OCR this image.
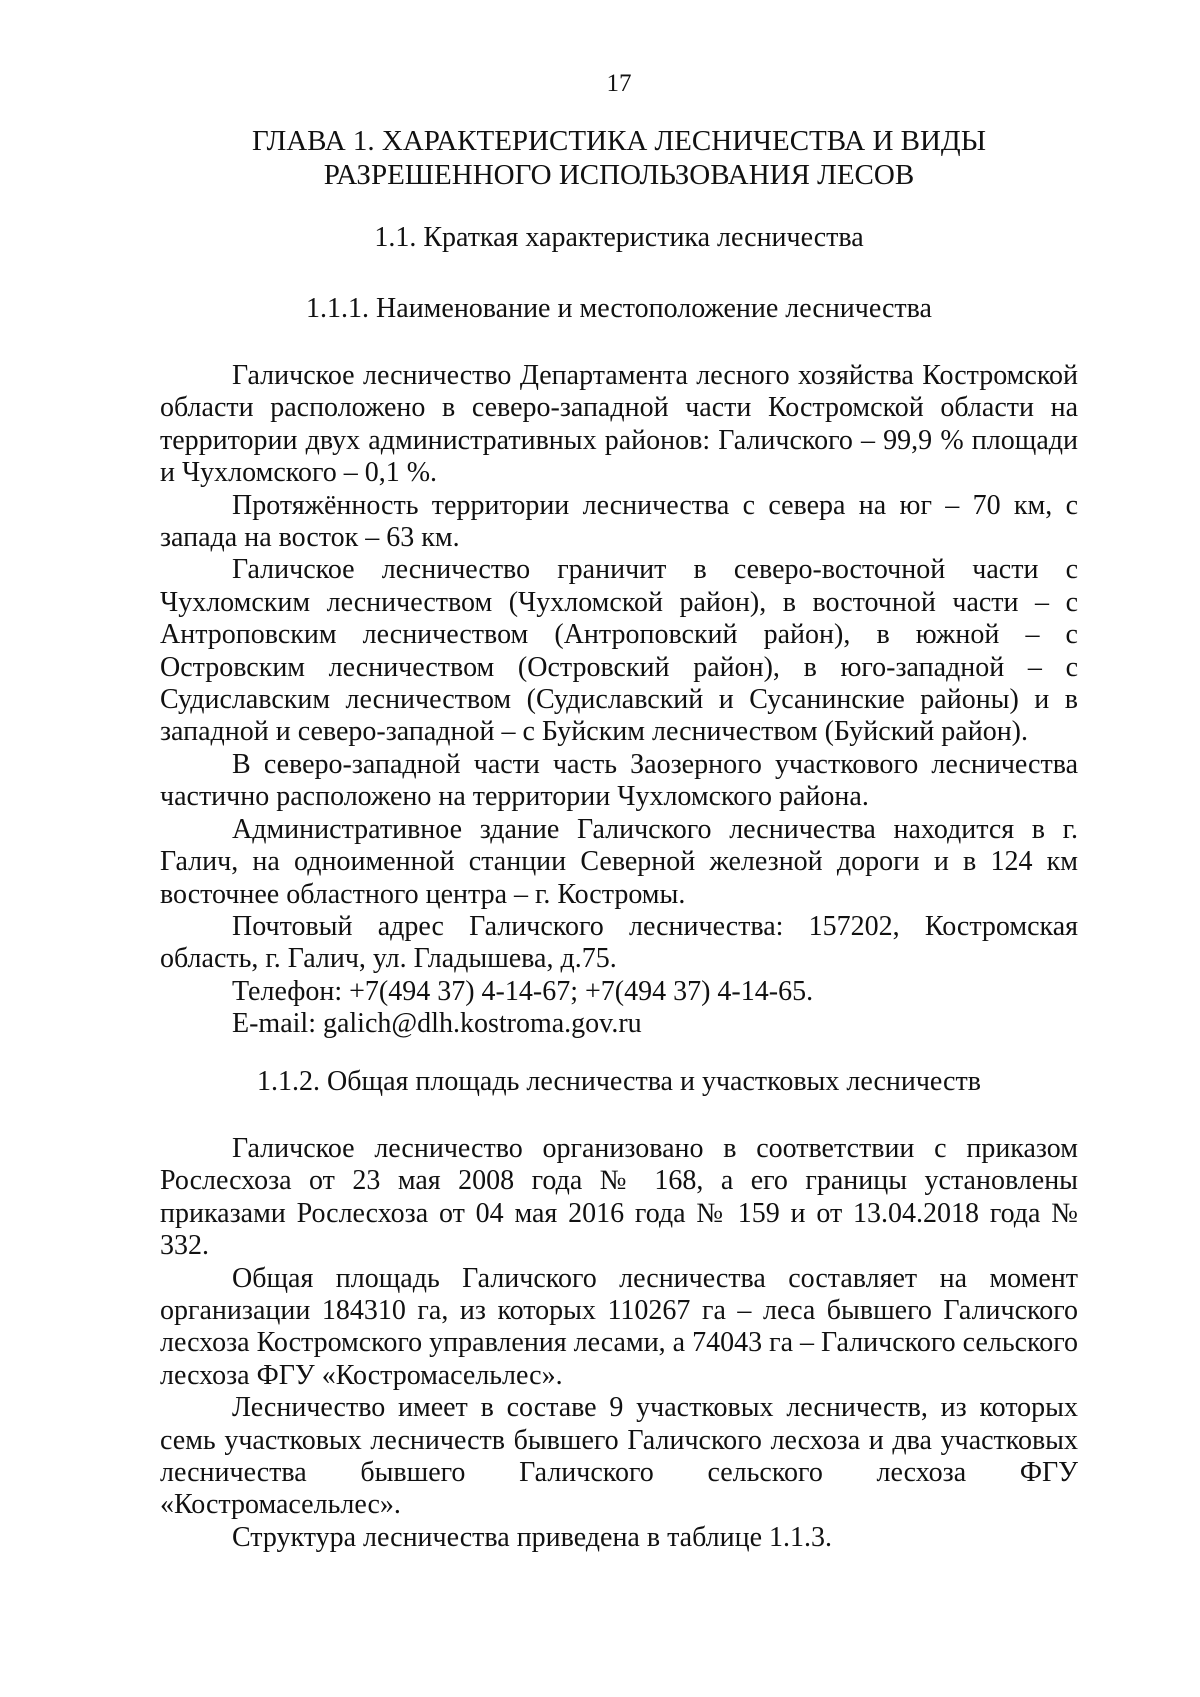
17
ГЛАВА 1. ХАРАКТЕРИСТИКА ЛЕСНИЧЕСТВА И ВИДЫ
РАЗРЕШЕННОГО ИСПОЛЬЗОВАНИЯ ЛЕСОВ
1.1. Краткая характеристика лесничества
1.1.1. Наименование и местоположение лесничества

Галичское лесничество Департамента лесного хозяйства Костромской области расположено в северо-западной части Костромской области на территории двух административных районов: Галичского – 99,9 % площади и Чухломского – 0,1 %.

Протяжённость территории лесничества с севера на юг – 70 км, с запада на восток – 63 км.

Галичское лесничество граничит в северо-восточной части с Чухломским лесничеством (Чухломской район), в восточной части – с Антроповским лесничеством (Антроповский район), в южной – с Островским лесничеством (Островский район), в юго-западной – с Судиславским лесничеством (Судиславский и Сусанинские районы) и в западной и северо-западной – с Буйским лесничеством (Буйский район).

В северо-западной части часть Заозерного участкового лесничества частично расположено на территории Чухломского района.

Административное здание Галичского лесничества находится в г. Галич, на одноименной станции Северной железной дороги и в 124 км восточнее областного центра – г. Костромы.

Почтовый адрес Галичского лесничества: 157202, Костромская область, г. Галич, ул. Гладышева, д.75.

Телефон: +7(494 37) 4-14-67; +7(494 37) 4-14-65.

E-mail: galich@dlh.kostroma.gov.ru

1.1.2. Общая площадь лесничества и участковых лесничеств

Галичское лесничество организовано в соответствии с приказом Рослесхоза от 23 мая 2008 года № 168, а его границы установлены приказами Рослесхоза от 04 мая 2016 года № 159 и от 13.04.2018 года № 332.

Общая площадь Галичского лесничества составляет на момент организации 184310 га, из которых 110267 га – леса бывшего Галичского лесхоза Костромского управления лесами, а 74043 га – Галичского сельского лесхоза ФГУ «Костромасельлес».

Лесничество имеет в составе 9 участковых лесничеств, из которых семь участковых лесничеств бывшего Галичского лесхоза и два участковых лесничества бывшего Галичского сельского лесхоза ФГУ «Костромасельлес».

Структура лесничества приведена в таблице 1.1.3.
